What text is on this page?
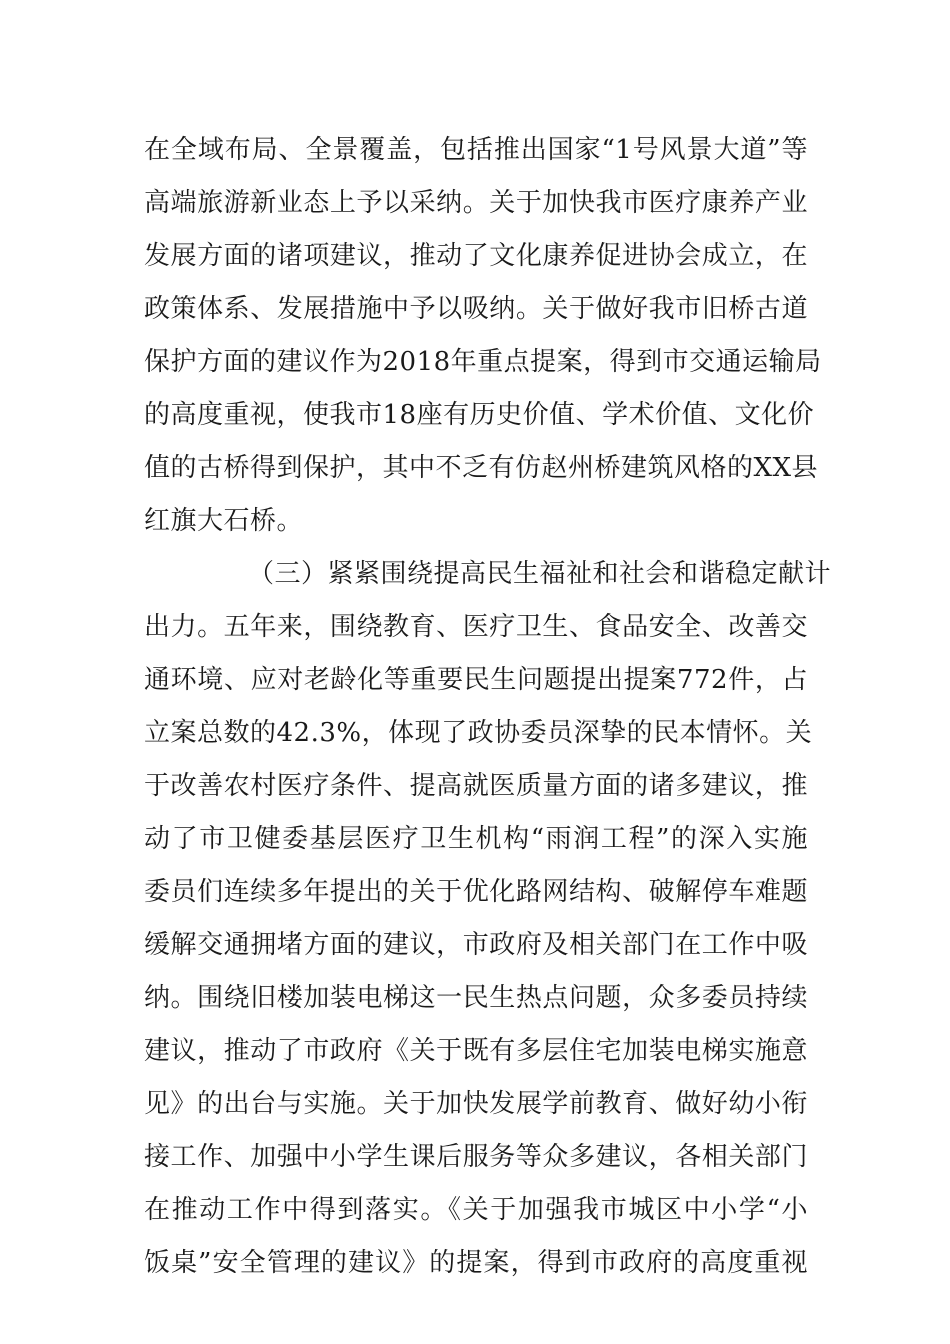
在全域布局、全景覆盖，包括推出国家“1号风景大道”等
高端旅游新业态上予以采纳。关于加快我市医疗康养产业
发展方面的诸项建议，推动了文化康养促进协会成立，在
政策体系、发展措施中予以吸纳。关于做好我市旧桥古道
保护方面的建议作为2018年重点提案，得到市交通运输局
的高度重视，使我市18座有历史价值、学术价值、文化价
值的古桥得到保护，其中不乏有仿赵州桥建筑风格的XX县
红旗大石桥。
（三）紧紧围绕提高民生福祉和社会和谐稳定献计
出力。五年来，围绕教育、医疗卫生、食品安全、改善交
通环境、应对老龄化等重要民生问题提出提案772件，占
立案总数的42.3%，体现了政协委员深挚的民本情怀。关
于改善农村医疗条件、提高就医质量方面的诸多建议，推
动了市卫健委基层医疗卫生机构“雨润工程”的深入实施
委员们连续多年提出的关于优化路网结构、破解停车难题
缓解交通拥堵方面的建议，市政府及相关部门在工作中吸
纳。围绕旧楼加装电梯这一民生热点问题，众多委员持续
建议，推动了市政府《关于既有多层住宅加装电梯实施意
见》的出台与实施。关于加快发展学前教育、做好幼小衔
接工作、加强中小学生课后服务等众多建议，各相关部门
在推动工作中得到落实。《关于加强我市城区中小学“小
饭桌”安全管理的建议》的提案，得到市政府的高度重视
